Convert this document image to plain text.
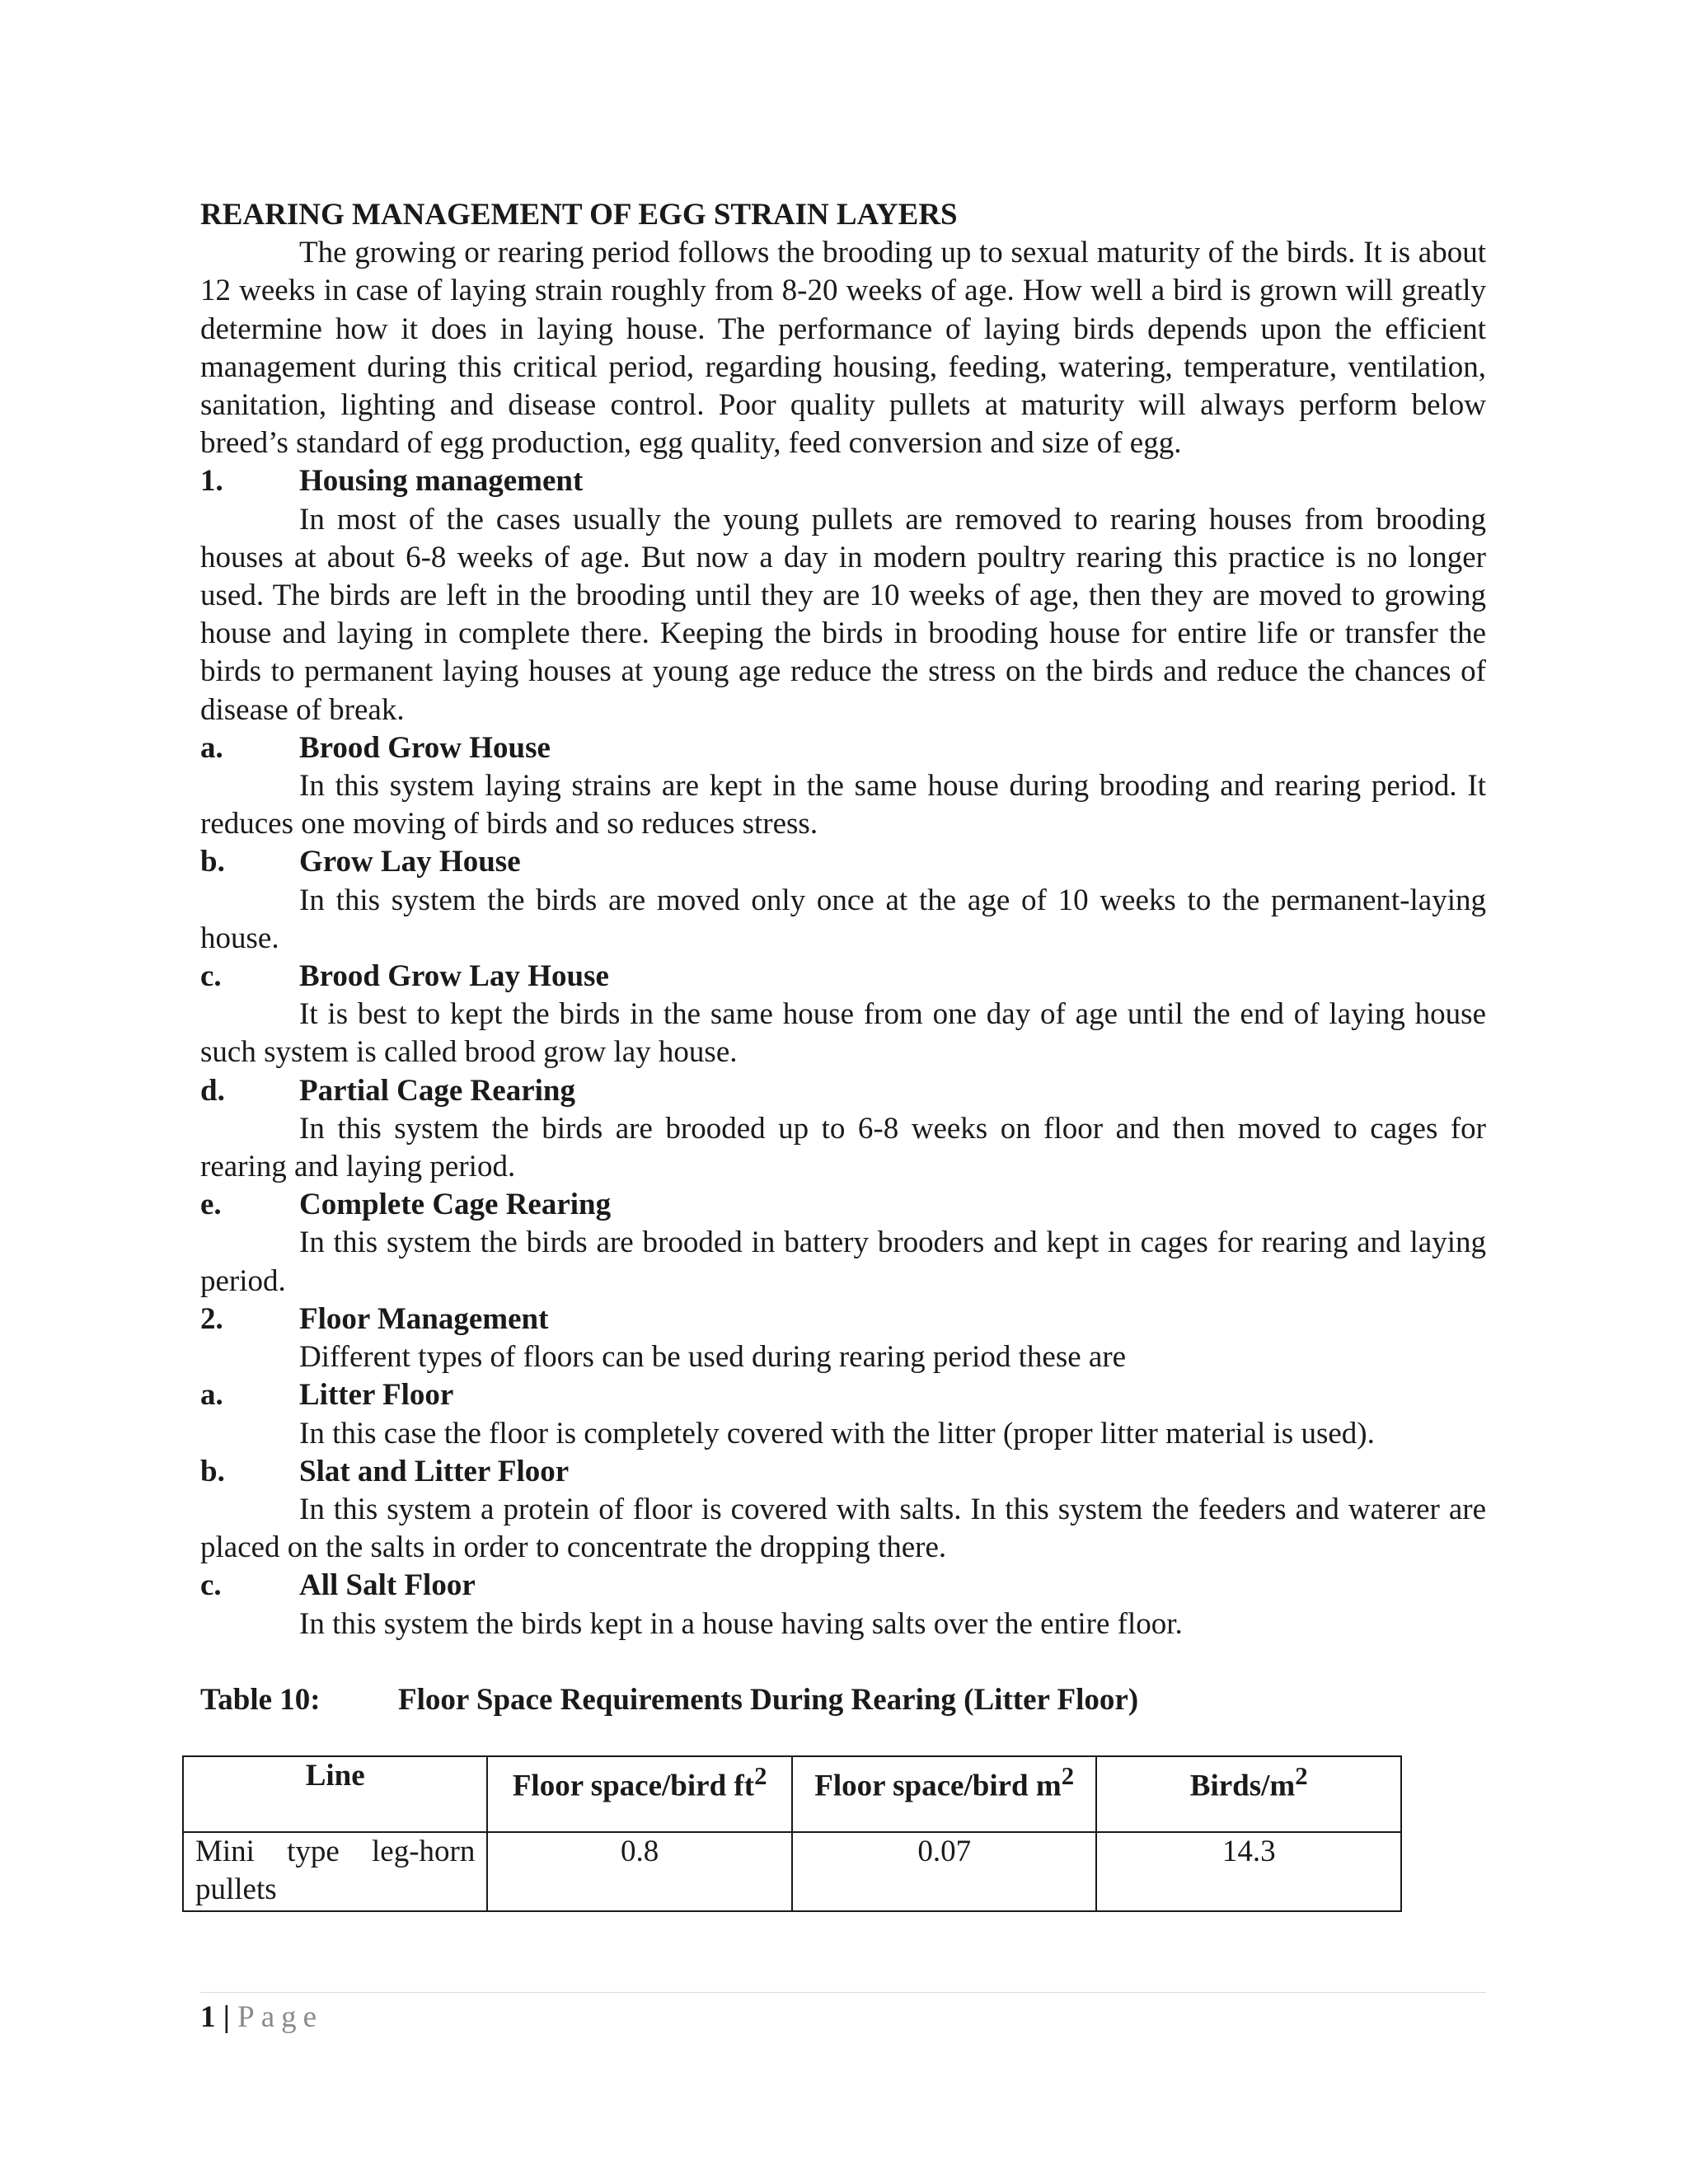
REARING MANAGEMENT OF EGG STRAIN LAYERS

The growing or rearing period follows the brooding up to sexual maturity of the birds. It is about 12 weeks in case of laying strain roughly from 8-20 weeks of age. How well a bird is grown will greatly determine how it does in laying house. The performance of laying birds depends upon the efficient management during this critical period, regarding housing, feeding, watering, temperature, ventilation, sanitation, lighting and disease control. Poor quality pullets at maturity will always perform below breed’s standard of egg production, egg quality, feed conversion and size of egg.

1.	Housing management

In most of the cases usually the young pullets are removed to rearing houses from brooding houses at about 6-8 weeks of age. But now a day in modern poultry rearing this practice is no longer used. The birds are left in the brooding until they are 10 weeks of age, then they are moved to growing house and laying in complete there. Keeping the birds in brooding house for entire life or transfer the birds to permanent laying houses at young age reduce the stress on the birds and reduce the chances of disease of break.

a.	Brood Grow House

In this system laying strains are kept in the same house during brooding and rearing period. It reduces one moving of birds and so reduces stress.

b.	Grow Lay House

In this system the birds are moved only once at the age of 10 weeks to the permanent-laying house.

c.	Brood Grow Lay House

It is best to kept the birds in the same house from one day of age until the end of laying house such system is called brood grow lay house.

d.	Partial Cage Rearing

In this system the birds are brooded up to 6-8 weeks on floor and then moved to cages for rearing and laying period.

e.	Complete Cage Rearing

In this system the birds are brooded in battery brooders and kept in cages for rearing and laying period.

2.	Floor Management

Different types of floors can be used during rearing period these are

a.	Litter Floor

In this case the floor is completely covered with the litter (proper litter material is used).

b.	Slat and Litter Floor

In this system a protein of floor is covered with salts. In this system the feeders and waterer are placed on the salts in order to concentrate the dropping there.

c.	All Salt Floor

In this system the birds kept in a house having salts over the entire floor.

Table 10:	Floor Space Requirements During Rearing (Litter Floor)
Line	Floor space/bird $ft^2$	Floor space/bird $m^2$	Birds/$m^2$
Mini type leg-horn pullets	0.8	0.07	14.3
1 | Page
